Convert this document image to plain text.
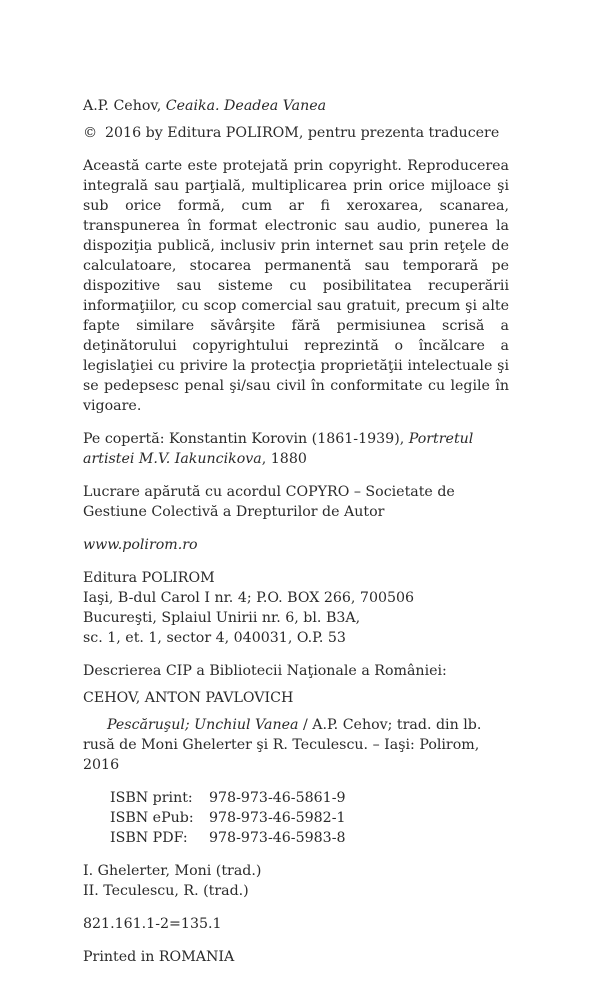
A.P. Cehov, Ceaika. Deadea Vanea

© 2016 by Editura POLIROM, pentru prezenta traducere

Această carte este protejată prin copyright. Reproducerea integrală sau parţială, multiplicarea prin orice mijloace şi sub orice formă, cum ar fi xeroxarea, scanarea, transpunerea în format electronic sau audio, punerea la dispoziţia publică, inclusiv prin internet sau prin reţele de calculatoare, stocarea permanentă sau temporară pe dispozitive sau sisteme cu posibilitatea recuperării informaţiilor, cu scop comercial sau gratuit, precum şi alte fapte similare săvârşite fără permisiunea scrisă a deţinătorului copyrightului reprezintă o încălcare a legislaţiei cu privire la protecţia proprietăţii intelectuale şi se pedepsesc penal şi/sau civil în conformitate cu legile în vigoare.

Pe copertă: Konstantin Korovin (1861-1939), Portretul artistei M.V. Iakuncikova, 1880

Lucrare apărută cu acordul COPYRO – Societate de Gestiune Colectivă a Drepturilor de Autor

www.polirom.ro

Editura POLIROM
Iaşi, B-dul Carol I nr. 4; P.O. BOX 266, 700506
Bucureşti, Splaiul Unirii nr. 6, bl. B3A,
sc. 1, et. 1, sector 4, 040031, O.P. 53

Descrierea CIP a Bibliotecii Naţionale a României:

CEHOV, ANTON PAVLOVICH

Pescăruşul; Unchiul Vanea / A.P. Cehov; trad. din lb. rusă de Moni Ghelerter şi R. Teculescu. – Iaşi: Polirom, 2016

ISBN print:	978-973-46-5861-9
ISBN ePub:	978-973-46-5982-1
ISBN PDF:	978-973-46-5983-8

I. Ghelerter, Moni (trad.)
II. Teculescu, R. (trad.)

821.161.1-2=135.1

Printed in ROMANIA
